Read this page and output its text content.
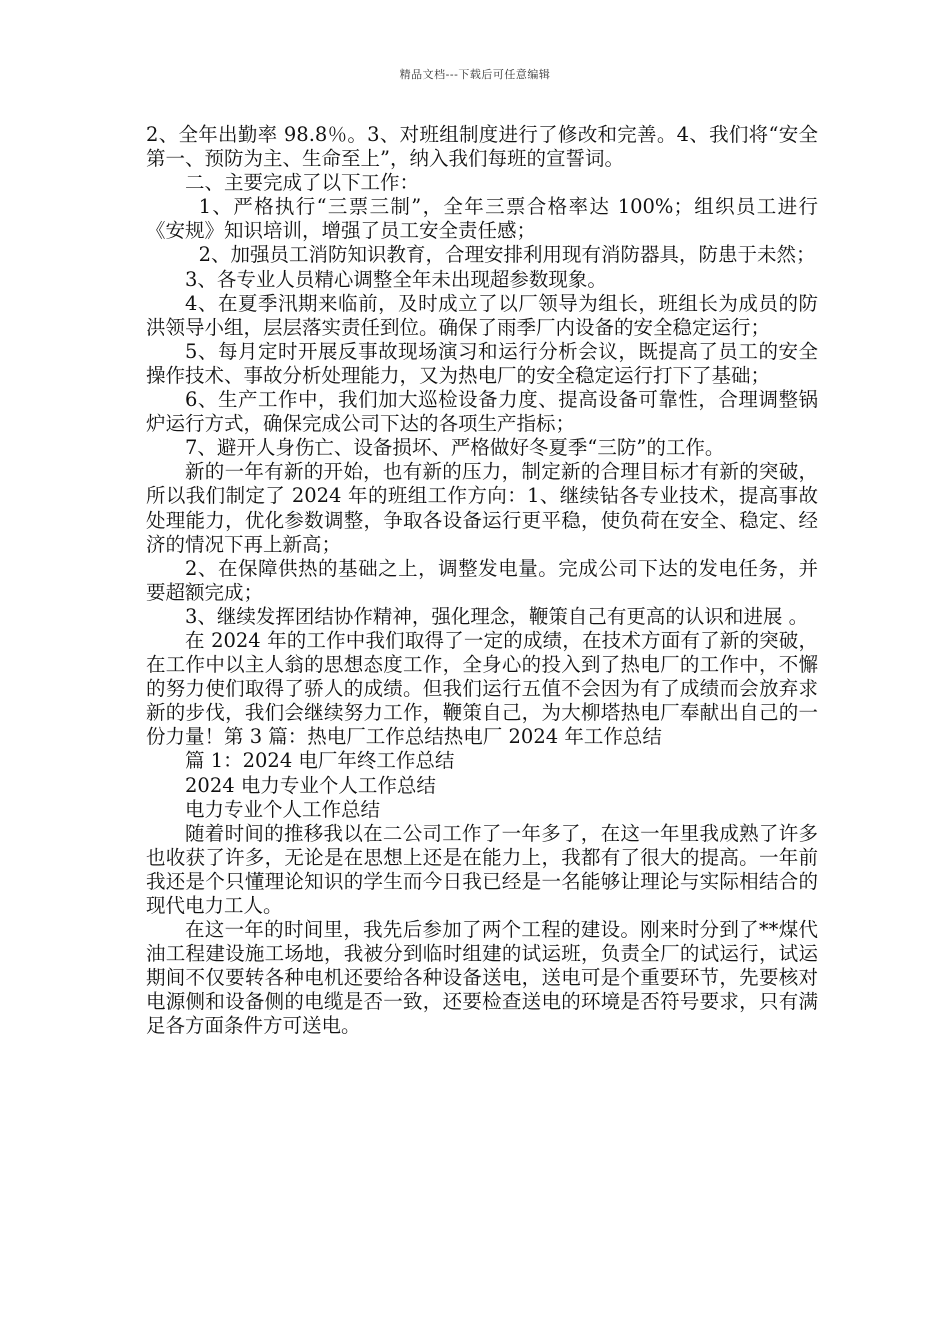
精品文档---下载后可任意编辑

2、全年出勤率 98.8％。3、对班组制度进行了修改和完善。4、我们将“安全第一、预防为主、生命至上”，纳入我们每班的宣誓词。

二、主要完成了以下工作：

1、严格执行“三票三制”，全年三票合格率达 100%；组织员工进行《安规》知识培训，增强了员工安全责任感；

2、加强员工消防知识教育，合理安排利用现有消防器具，防患于未然；

3、各专业人员精心调整全年未出现超参数现象。

4、在夏季汛期来临前，及时成立了以厂领导为组长，班组长为成员的防洪领导小组，层层落实责任到位。确保了雨季厂内设备的安全稳定运行；

5、每月定时开展反事故现场演习和运行分析会议，既提高了员工的安全操作技术、事故分析处理能力，又为热电厂的安全稳定运行打下了基础；

6、生产工作中，我们加大巡检设备力度、提高设备可靠性，合理调整锅炉运行方式，确保完成公司下达的各项生产指标；

7、避开人身伤亡、设备损坏、严格做好冬夏季“三防”的工作。

新的一年有新的开始，也有新的压力，制定新的合理目标才有新的突破，所以我们制定了 2024 年的班组工作方向：1、继续钻各专业技术，提高事故处理能力，优化参数调整，争取各设备运行更平稳，使负荷在安全、稳定、经济的情况下再上新高；

2、在保障供热的基础之上，调整发电量。完成公司下达的发电任务，并要超额完成；

3、继续发挥团结协作精神，强化理念，鞭策自己有更高的认识和进展 。

在 2024 年的工作中我们取得了一定的成绩，在技术方面有了新的突破，在工作中以主人翁的思想态度工作，全身心的投入到了热电厂的工作中，不懈的努力使们取得了骄人的成绩。但我们运行五值不会因为有了成绩而会放弃求新的步伐，我们会继续努力工作，鞭策自己，为大柳塔热电厂奉献出自己的一份力量！第 3 篇：热电厂工作总结热电厂 2024 年工作总结

篇 1：2024 电厂年终工作总结

2024 电力专业个人工作总结

电力专业个人工作总结

随着时间的推移我以在二公司工作了一年多了，在这一年里我成熟了许多也收获了许多，无论是在思想上还是在能力上，我都有了很大的提高。一年前我还是个只懂理论知识的学生而今日我已经是一名能够让理论与实际相结合的现代电力工人。

在这一年的时间里，我先后参加了两个工程的建设。刚来时分到了**煤代油工程建设施工场地，我被分到临时组建的试运班，负责全厂的试运行，试运期间不仅要转各种电机还要给各种设备送电，送电可是个重要环节，先要核对电源侧和设备侧的电缆是否一致，还要检查送电的环境是否符号要求，只有满足各方面条件方可送电。
